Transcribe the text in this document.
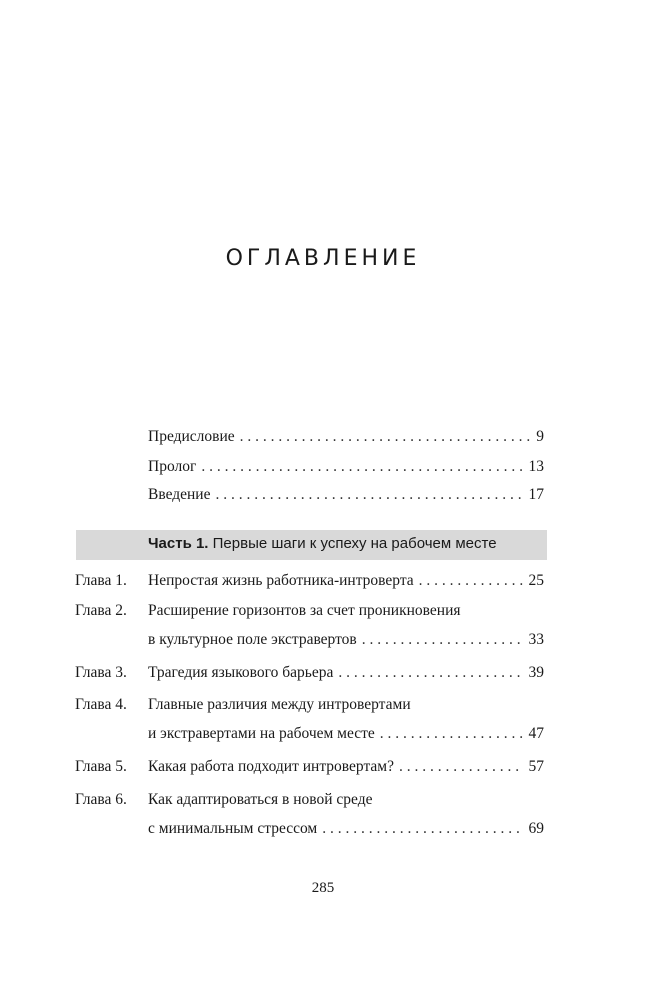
ОГЛАВЛЕНИЕ
Предисловие . . .	9
Пролог . . .	13
Введение . . .	17
Часть 1. Первые шаги к успеху на рабочем месте
Глава 1. Непростая жизнь работника-интроверта . . .	25
Глава 2. Расширение горизонтов за счет проникновения
в культурное поле экстравертов . . .	33
Глава 3. Трагедия языкового барьера . . .	39
Глава 4. Главные различия между интровертами
и экстравертами на рабочем месте . . .	47
Глава 5. Какая работа подходит интровертам? . . .	57
Глава 6. Как адаптироваться в новой среде
с минимальным стрессом . . .	69
285
